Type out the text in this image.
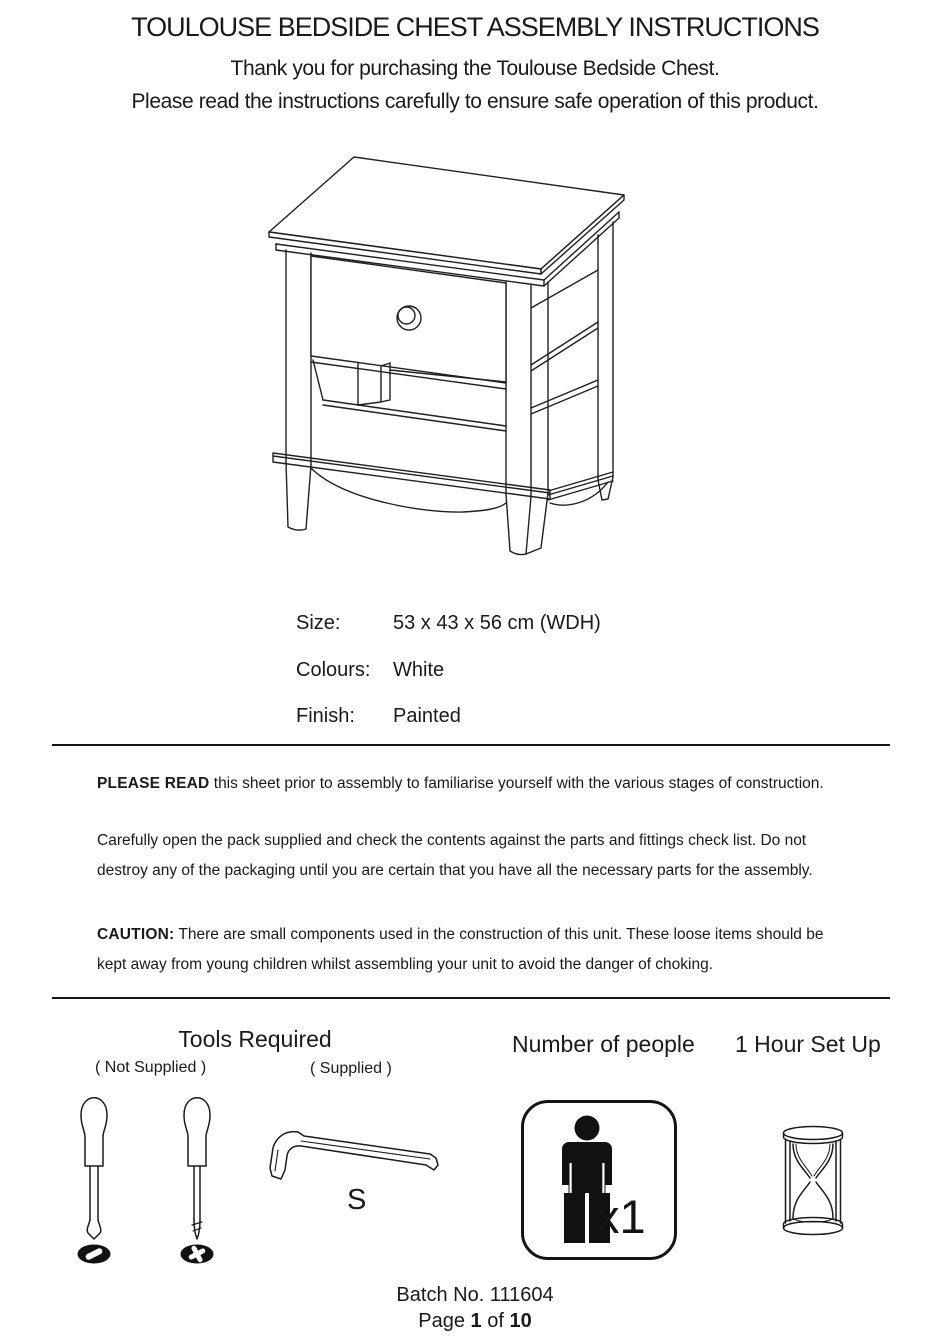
TOULOUSE BEDSIDE CHEST ASSEMBLY INSTRUCTIONS
Thank you for purchasing the Toulouse Bedside Chest.
Please read the instructions carefully to ensure safe operation of this product.
Size:	53 x 43 x 56 cm (WDH)
Colours:	White
Finish:	Painted
PLEASE READ this sheet prior to assembly to familiarise yourself with the various stages of construction.
Carefully open the pack supplied and check the contents against the parts and fittings check list. Do not
destroy any of the packaging until you are certain that you have all the necessary parts for the assembly.
CAUTION: There are small components used in the construction of this unit. These loose items should be
kept away from young children whilst assembling your unit to avoid the danger of choking.
Tools Required	Number of people 1 Hour Set Up
( Not Supplied )	( Supplied )
S	x1
Batch No. 111604
Page 1 of 10
